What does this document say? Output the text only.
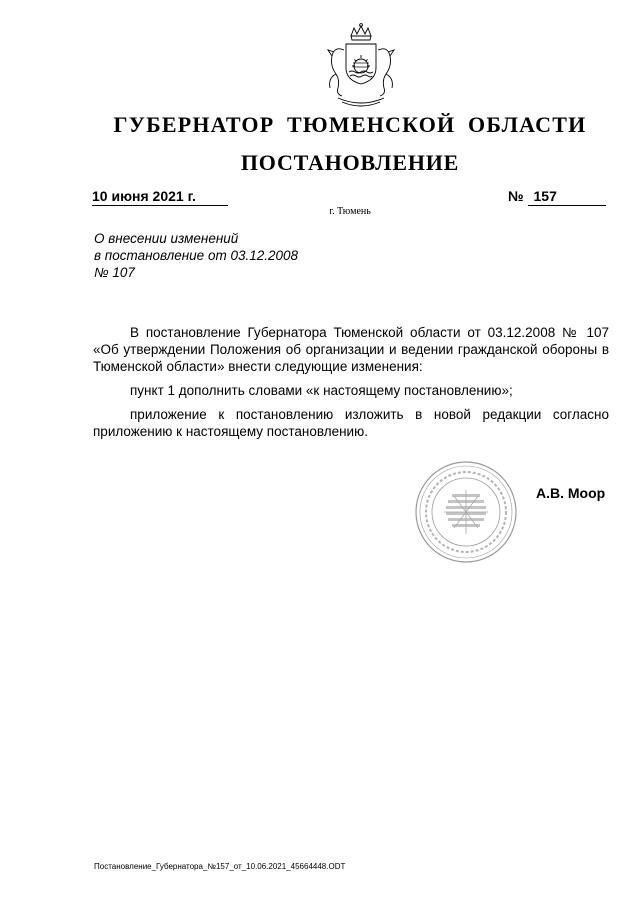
ГУБЕРНАТОР ТЮМЕНСКОЙ ОБЛАСТИ
ПОСТАНОВЛЕНИЕ
10 июня 2021 г.	№ 157
г. Тюмень
О внесении изменений
в постановление от 03.12.2008
№ 107

В постановление Губернатора Тюменской области от 03.12.2008 № 107 «Об утверждении Положения об организации и ведении гражданской обороны в Тюменской области» внести следующие изменения:

пункт 1 дополнить словами «к настоящему постановлению»;

приложение к постановлению изложить в новой редакции согласно приложению к настоящему постановлению.

А.В. Моор
Постановление_Губернатора_№157_от_10.06.2021_45664448.ODT
